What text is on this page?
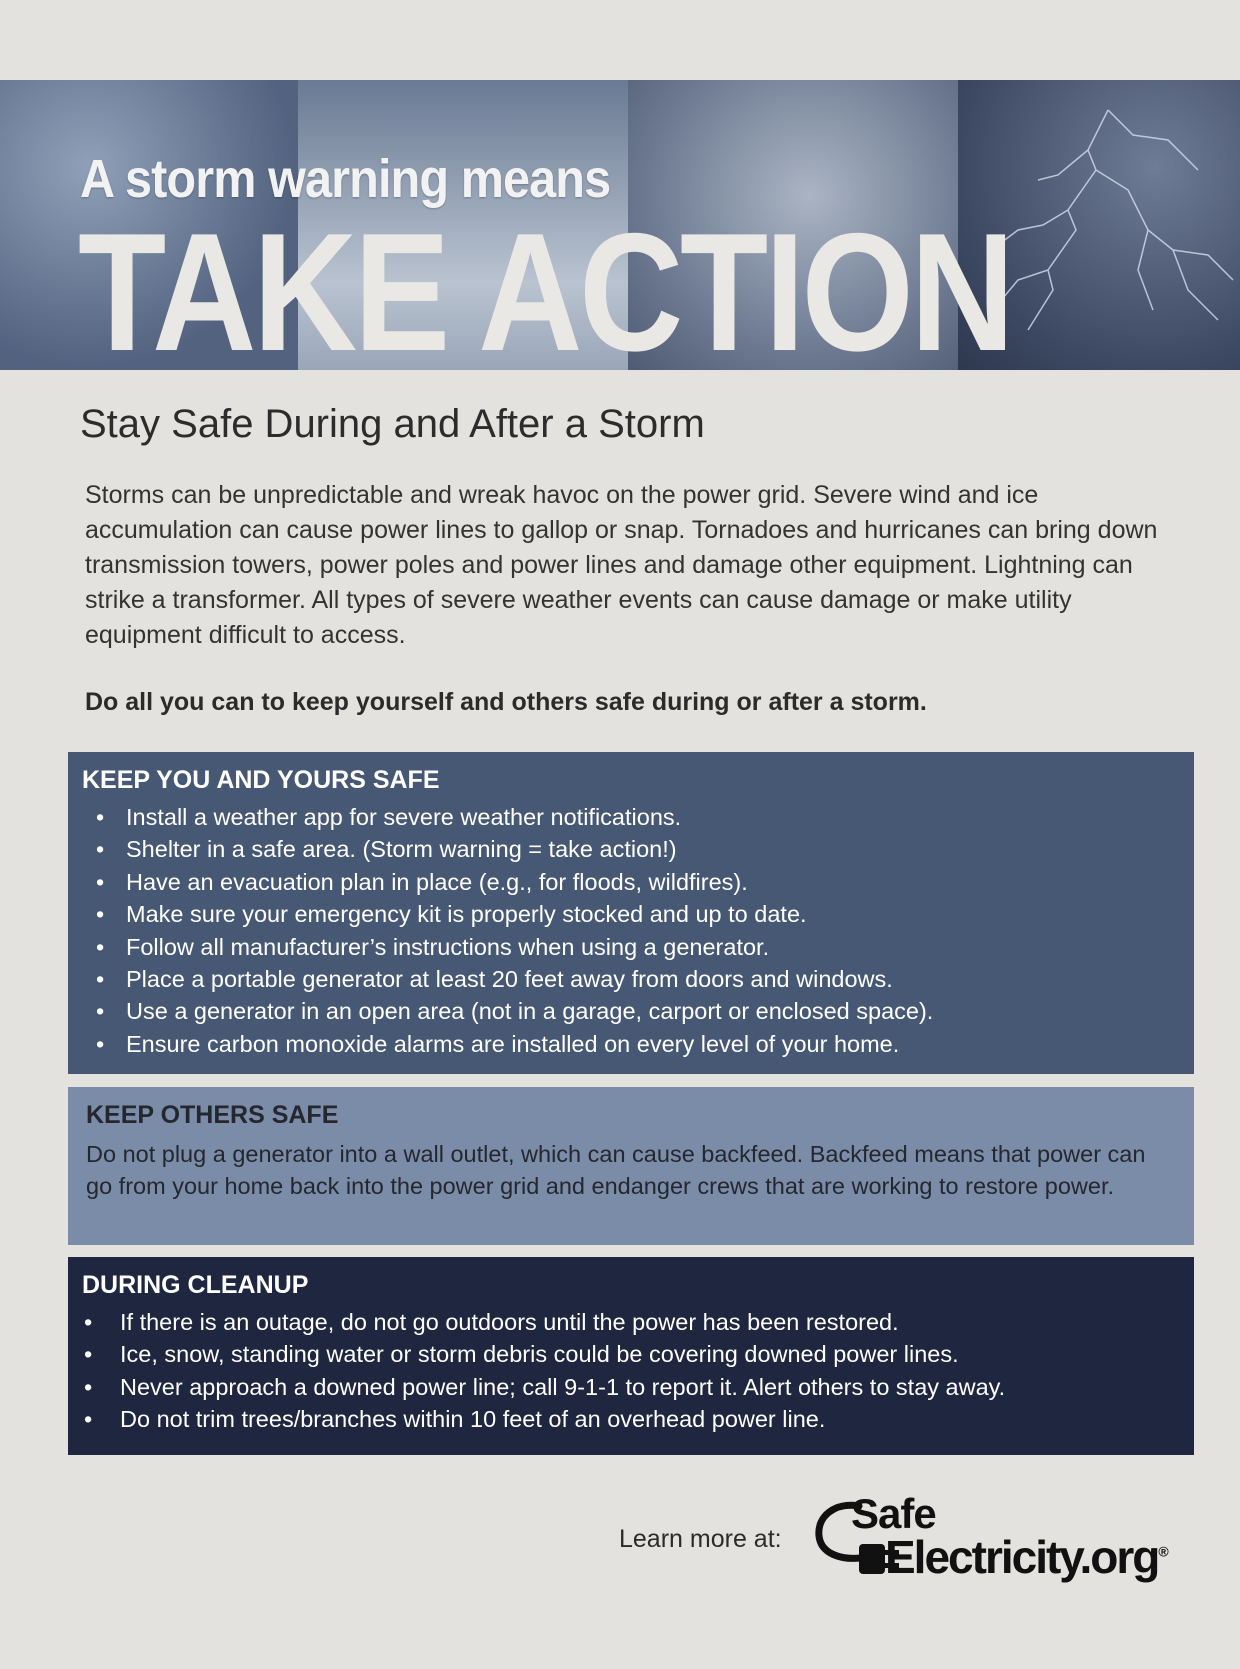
A storm warning means

TAKE ACTION

Stay Safe During and After a Storm

Storms can be unpredictable and wreak havoc on the power grid. Severe wind and ice accumulation can cause power lines to gallop or snap. Tornadoes and hurricanes can bring down transmission towers, power poles and power lines and damage other equipment. Lightning can strike a transformer. All types of severe weather events can cause damage or make utility equipment difficult to access.

Do all you can to keep yourself and others safe during or after a storm.

KEEP YOU AND YOURS SAFE
• Install a weather app for severe weather notifications.
• Shelter in a safe area. (Storm warning = take action!)
• Have an evacuation plan in place (e.g., for floods, wildfires).
• Make sure your emergency kit is properly stocked and up to date.
• Follow all manufacturer’s instructions when using a generator.
• Place a portable generator at least 20 feet away from doors and windows.
• Use a generator in an open area (not in a garage, carport or enclosed space).
• Ensure carbon monoxide alarms are installed on every level of your home.
KEEP OTHERS SAFE

Do not plug a generator into a wall outlet, which can cause backfeed. Backfeed means that power can go from your home back into the power grid and endanger crews that are working to restore power.

DURING CLEANUP
• If there is an outage, do not go outdoors until the power has been restored.
• Ice, snow, standing water or storm debris could be covering downed power lines.
• Never approach a downed power line; call 9-1-1 to report it. Alert others to stay away.
• Do not trim trees/branches within 10 feet of an overhead power line.

Learn more at:

Safe
Electricity.org®
